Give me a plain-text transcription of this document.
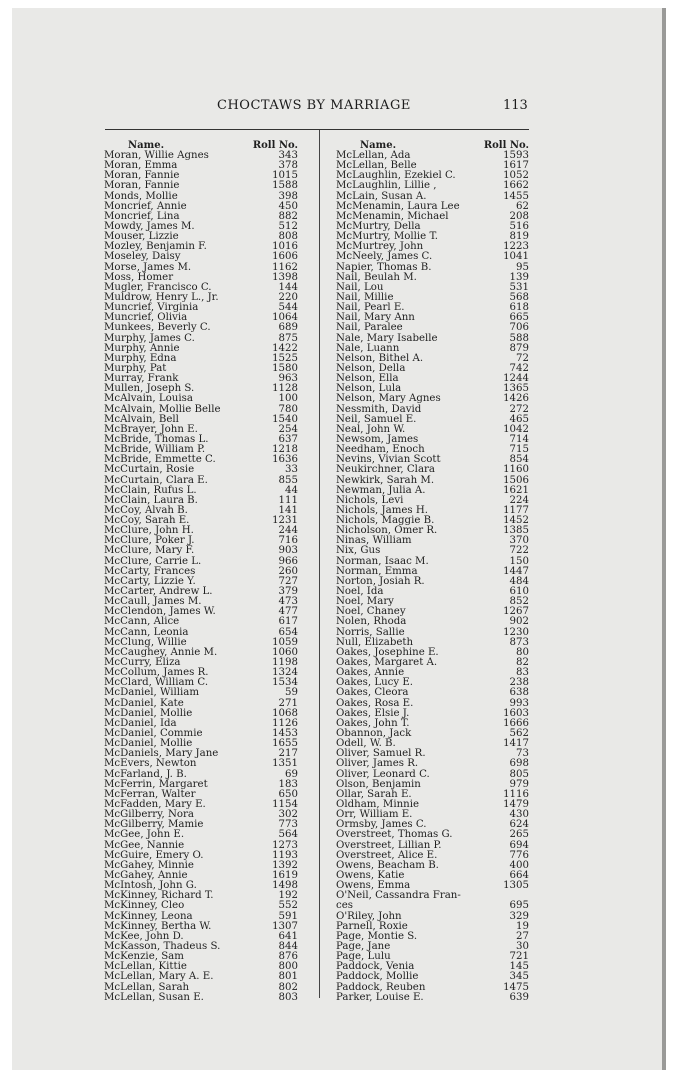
CHOCTAWS BY MARRIAGE	113
Name.	Roll No.
Moran, Willie Agnes	343
Moran, Emma	378
Moran, Fannie	1015
Moran, Fannie	1588
Monds, Mollie	398
Moncrief, Annie	450
Moncrief, Lina	882
Mowdy, James M.	512
Mouser, Lizzie	808
Mozley, Benjamin F.	1016
Moseley, Daisy	1606
Morse, James M.	1162
Moss, Homer	1398
Mugler, Francisco C.	144
Muldrow, Henry L., Jr.	220
Muncrief, Virginia	544
Muncrief, Olivia	1064
Munkees, Beverly C.	689
Murphy, James C.	875
Murphy, Annie	1422
Murphy, Edna	1525
Murphy, Pat	1580
Murray, Frank	963
Mullen, Joseph S.	1128
McAlvain, Louisa	100
McAlvain, Mollie Belle	780
McAlvain, Bell	1540
McBrayer, John E.	254
McBride, Thomas L.	637
McBride, William P.	1218
McBride, Emmette C.	1636
McCurtain, Rosie	33
McCurtain, Clara E.	855
McClain, Rufus L.	44
McClain, Laura B.	111
McCoy, Alvah B.	141
McCoy, Sarah E.	1231
McClure, John H.	244
McClure, Poker J.	716
McClure, Mary F.	903
McClure, Carrie L.	966
McCarty, Frances	260
McCarty, Lizzie Y.	727
McCarter, Andrew L.	379
McCaull, James M.	473
McClendon, James W.	477
McCann, Alice	617
McCann, Leonia	654
McClung, Willie	1059
McCaughey, Annie M.	1060
McCurry, Eliza	1198
McCollum, James R.	1324
McClard, William C.	1534
McDaniel, William	59
McDaniel, Kate	271
McDaniel, Mollie	1068
McDaniel, Ida	1126
McDaniel, Commie	1453
McDaniel, Mollie	1655
McDaniels, Mary Jane	217
McEvers, Newton	1351
McFarland, J. B.	69
McFerrin, Margaret	183
McFerran, Walter	650
McFadden, Mary E.	1154
McGilberry, Nora	302
McGilberry, Mamie	773
McGee, John E.	564
McGee, Nannie	1273
McGuire, Emery O.	1193
McGahey, Minnie	1392
McGahey, Annie	1619
McIntosh, John G.	1498
McKinney, Richard T.	192
McKinney, Cleo	552
McKinney, Leona	591
McKinney, Bertha W.	1307
McKee, John D.	641
McKasson, Thadeus S.	844
McKenzie, Sam	876
McLellan, Kittie	800
McLellan, Mary A. E.	801
McLellan, Sarah	802
McLellan, Susan E.	803
Name.	Roll No.
McLellan, Ada	1593
McLellan, Belle	1617
McLaughlin, Ezekiel C.	1052
McLaughlin, Lillie ,	1662
McLain, Susan A.	1455
McMenamin, Laura Lee	62
McMenamin, Michael	208
McMurtry, Della	516
McMurtry, Mollie T.	819
McMurtrey, John	1223
McNeely, James C.	1041
Napier, Thomas B.	95
Nail, Beulah M.	139
Nail, Lou	531
Nail, Millie	568
Nail, Pearl E.	618
Nail, Mary Ann	665
Nail, Paralee	706
Nale, Mary Isabelle	588
Nale, Luann	879
Nelson, Bithel A.	72
Nelson, Della	742
Nelson, Ella	1244
Nelson, Lula	1365
Nelson, Mary Agnes	1426
Nessmith, David	272
Neil, Samuel E.	465
Neal, John W.	1042
Newsom, James	714
Needham, Enoch	715
Nevins, Vivian Scott	854
Neukirchner, Clara	1160
Newkirk, Sarah M.	1506
Newman, Julia A.	1621
Nichols, Levi	224
Nichols, James H.	1177
Nichols, Maggie B.	1452
Nicholson, Omer R.	1385
Ninas, William	370
Nix, Gus	722
Norman, Isaac M.	150
Norman, Emma	1447
Norton, Josiah R.	484
Noel, Ida	610
Noel, Mary	852
Noel, Chaney	1267
Nolen, Rhoda	902
Norris, Sallie	1230
Null, Elizabeth	873
Oakes, Josephine E.	80
Oakes, Margaret A.	82
Oakes, Annie	83
Oakes, Lucy E.	238
Oakes, Cleora	638
Oakes, Rosa E.	993
Oakes, Elsie J.	1603
Oakes, John T.	1666
Obannon, Jack	562
Odell, W. B.	1417
Oliver, Samuel R.	73
Oliver, James R.	698
Oliver, Leonard C.	805
Olson, Benjamin	979
Ollar, Sarah E.	1116
Oldham, Minnie	1479
Orr, William E.	430
Ormsby, James C.	624
Overstreet, Thomas G.	265
Overstreet, Lillian P.	694
Overstreet, Alice E.	776
Owens, Beacham B.	400
Owens, Katie	664
Owens, Emma	1305
O'Neil, Cassandra Fran-
ces	695
O'Riley, John	329
Parnell, Roxie	19
Page, Montie S.	27
Page, Jane	30
Page, Lulu	721
Paddock, Venia	145
Paddock, Mollie	345
Paddock, Reuben	1475
Parker, Louise E.	639
